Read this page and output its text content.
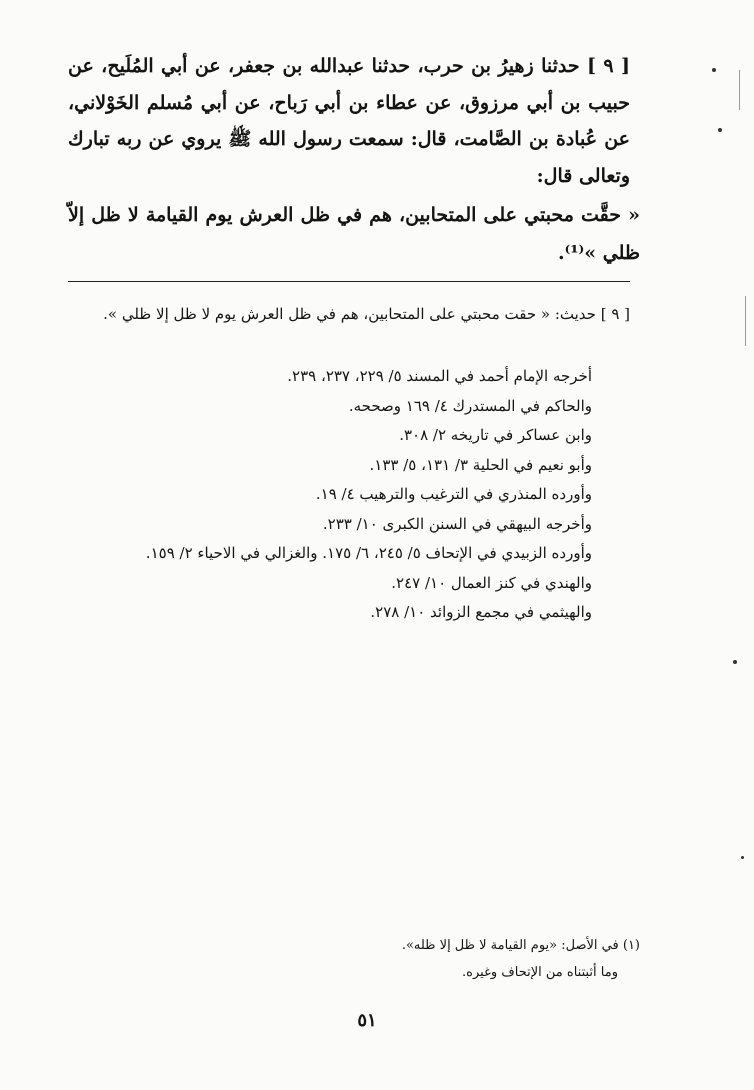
[ ٩ ] حدثنا زهيرُ بن حرب، حدثنا عبدالله بن جعفر، عن أبي المُلَيح، عن حبيب بن أبي مرزوق، عن عطاء بن أبي رَباح، عن أبي مُسلم الخَوْلاني، عن عُبادة بن الصَّامت، قال: سمعت رسول الله ﷺ يروي عن ربه تبارك وتعالى قال:

« حقَّت محبتي على المتحابين، هم في ظل العرش يوم القيامة لا ظل إلاّ ظلي »⁽¹⁾.

[ ٩ ] حديث: « حقت محبتي على المتحابين، هم في ظل العرش يوم لا ظل إلا ظلي ».

أخرجه الإمام أحمد في المسند ٥/ ٢٢٩، ٢٣٧، ٢٣٩.
والحاكم في المستدرك ٤/ ١٦٩ وصححه.
وابن عساكر في تاريخه ٢/ ٣٠٨.
وأبو نعيم في الحلية ٣/ ١٣١، ٥/ ١٣٣.
وأورده المنذري في الترغيب والترهيب ٤/ ١٩.
وأخرجه البيهقي في السنن الكبرى ١٠/ ٢٣٣.
وأورده الزبيدي في الإتحاف ٥/ ٢٤٥، ٦/ ١٧٥. والغزالي في الاحياء ٢/ ١٥٩.
والهندي في كنز العمال ١٠/ ٢٤٧.
والهيثمي في مجمع الزوائد ١٠/ ٢٧٨.
(١) في الأصل: «يوم القيامة لا ظل إلا ظله».
وما أثبتناه من الإتحاف وغيره.
٥١
